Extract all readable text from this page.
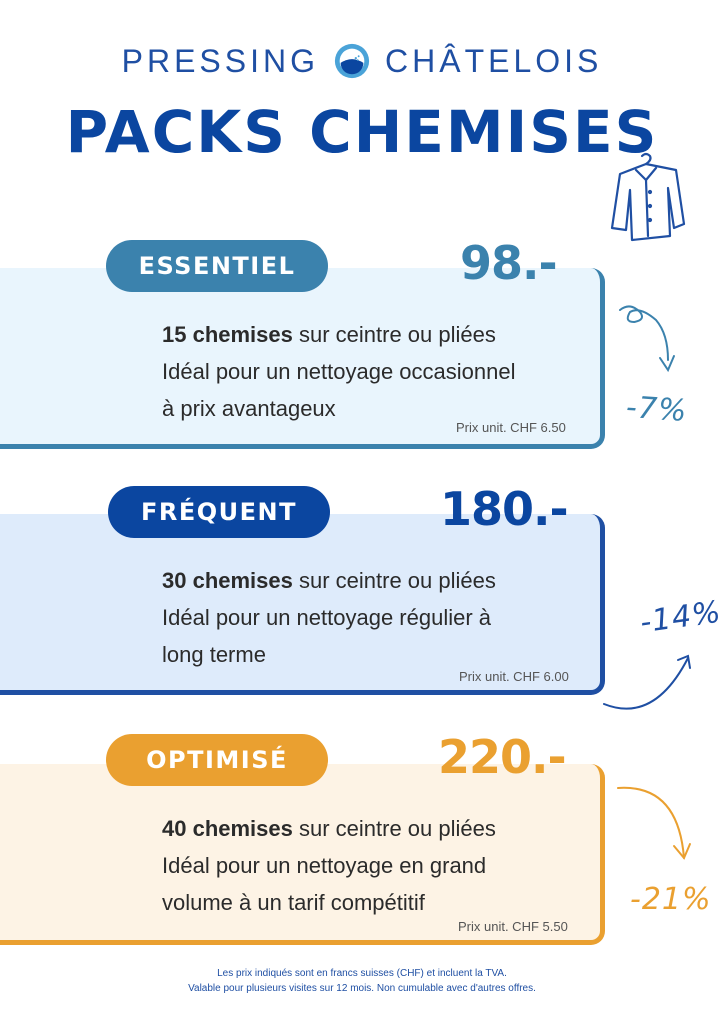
PRESSING CHÂTELOIS
PACKS CHEMISES
ESSENTIEL	98.-
15 chemises sur ceintre ou pliées
Idéal pour un nettoyage occasionnel
à prix avantageux
Prix unit. CHF 6.50 -7%
FRÉQUENT	180.-
30 chemises sur ceintre ou pliées
Idéal pour un nettoyage régulier à
long terme
Prix unit. CHF 6.00
-14%
OPTIMISÉ	220.-
40 chemises sur ceintre ou pliées
Idéal pour un nettoyage en grand
volume à un tarif compétitif
Prix unit. CHF 5.50
-21%
Les prix indiqués sont en francs suisses (CHF) et incluent la TVA.
Valable pour plusieurs visites sur 12 mois. Non cumulable avec d'autres offres.
